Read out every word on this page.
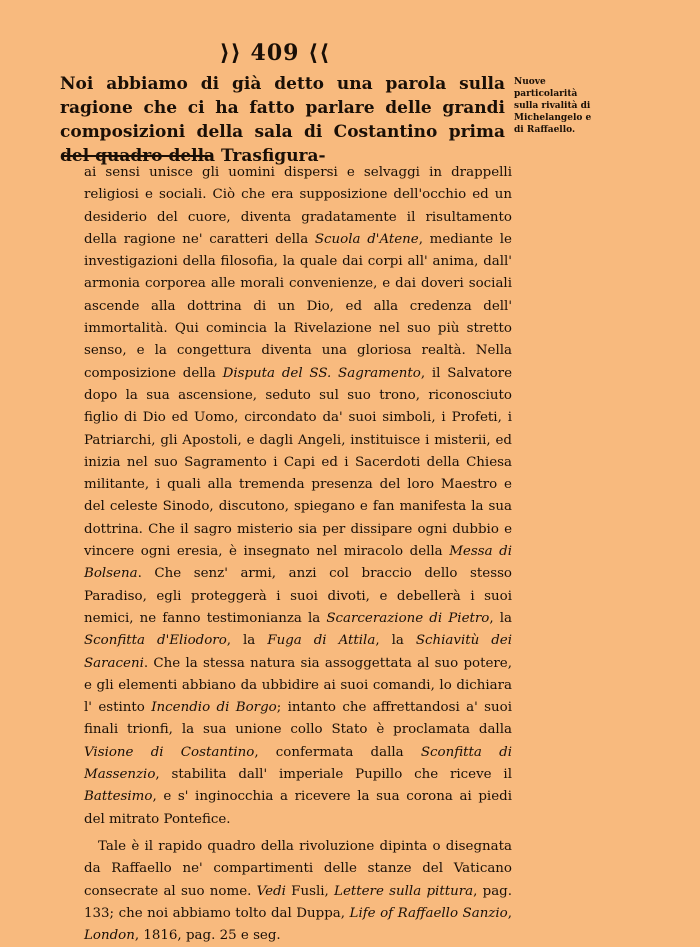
⟩⟩ 409 ⟨⟨
Noi abbiamo di già detto una parola sulla ragione che ci ha fatto parlare delle grandi composizioni della sala di Costantino prima del quadro della Trasfigura-
Nuove particolarità sulla rivalità di Michelangelo e di Raffaello.

ai sensi unisce gli uomini dispersi e selvaggi in drappelli religiosi e sociali. Ciò che era supposizione dell'occhio ed un desiderio del cuore, diventa gradatamente il risultamento della ragione ne' caratteri della Scuola d'Atene, mediante le investigazioni della filosofia, la quale dai corpi all' anima, dall' armonia corporea alle morali convenienze, e dai doveri sociali ascende alla dottrina di un Dio, ed alla credenza dell' immortalità. Qui comincia la Rivelazione nel suo più stretto senso, e la congettura diventa una gloriosa realtà. Nella composizione della Disputa del SS. Sagramento, il Salvatore dopo la sua ascensione, seduto sul suo trono, riconosciuto figlio di Dio ed Uomo, circondato da' suoi simboli, i Profeti, i Patriarchi, gli Apostoli, e dagli Angeli, instituisce i misterii, ed inizia nel suo Sagramento i Capi ed i Sacerdoti della Chiesa militante, i quali alla tremenda presenza del loro Maestro e del celeste Sinodo, discutono, spiegano e fan manifesta la sua dottrina. Che il sagro misterio sia per dissipare ogni dubbio e vincere ogni eresia, è insegnato nel miracolo della Messa di Bolsena. Che senz' armi, anzi col braccio dello stesso Paradiso, egli proteggerà i suoi divoti, e debellerà i suoi nemici, ne fanno testimonianza la Scarcerazione di Pietro, la Sconfitta d'Eliodoro, la Fuga di Attila, la Schiavitù dei Saraceni. Che la stessa natura sia assoggettata al suo potere, e gli elementi abbiano da ubbidire ai suoi comandi, lo dichiara l' estinto Incendio di Borgo; intanto che affrettandosi a' suoi finali trionfi, la sua unione collo Stato è proclamata dalla Visione di Costantino, confermata dalla Sconfitta di Massenzio, stabilita dall' imperiale Pupillo che riceve il Battesimo, e s' inginocchia a ricevere la sua corona ai piedi del mitrato Pontefice.

Tale è il rapido quadro della rivoluzione dipinta o disegnata da Raffaello ne' compartimenti delle stanze del Vaticano consecrate al suo nome. Vedi Fusli, Lettere sulla pittura, pag. 133; che noi abbiamo tolto dal Duppa, Life of Raffaello Sanzio, London, 1816, pag. 25 e seg.
